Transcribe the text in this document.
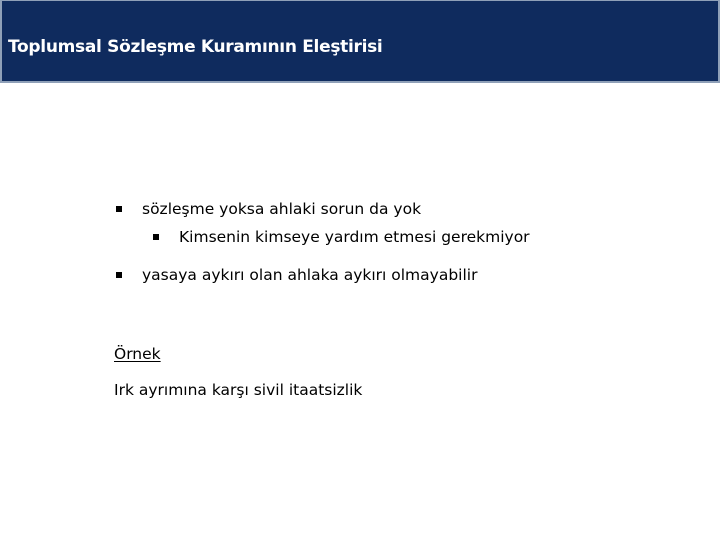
Toplumsal Sözleşme Kuramının Eleştirisi
sözleşme yoksa ahlaki sorun da yok
Kimsenin kimseye yardım etmesi gerekmiyor
yasaya aykırı olan ahlaka aykırı olmayabilir
Örnek
Irk ayrımına karşı sivil itaatsizlik
